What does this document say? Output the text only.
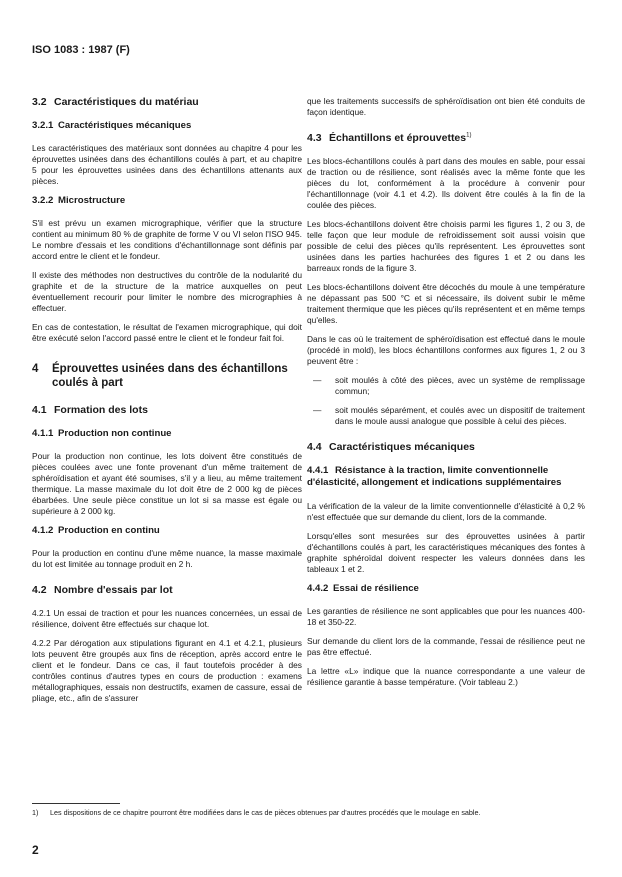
ISO 1083 : 1987 (F)
3.2 Caractéristiques du matériau
3.2.1 Caractéristiques mécaniques

Les caractéristiques des matériaux sont données au chapitre 4 pour les éprouvettes usinées dans des échantillons coulés à part, et au chapitre 5 pour les éprouvettes usinées dans des échantillons attenants aux pièces.

3.2.2 Microstructure

S'il est prévu un examen micrographique, vérifier que la structure contient au minimum 80 % de graphite de forme V ou VI selon l'ISO 945. Le nombre d'essais et les conditions d'échantillonnage sont définis par accord entre le client et le fondeur.

Il existe des méthodes non destructives du contrôle de la nodularité du graphite et de la structure de la matrice auxquelles on peut éventuellement recourir pour limiter le nombre des micrographies à effectuer.

En cas de contestation, le résultat de l'examen micrographique, qui doit être exécuté selon l'accord passé entre le client et le fondeur fait foi.

4	Éprouvettes usinées dans des échantillons coulés à part
4.1 Formation des lots
4.1.1 Production non continue

Pour la production non continue, les lots doivent être constitués de pièces coulées avec une fonte provenant d'un même traitement de sphéroïdisation et ayant été soumises, s'il y a lieu, au même traitement thermique. La masse maximale du lot doit être de 2 000 kg de pièces ébarbées. Une seule pièce constitue un lot si sa masse est égale ou supérieure à 2 000 kg.

4.1.2 Production en continu

Pour la production en continu d'une même nuance, la masse maximale du lot est limitée au tonnage produit en 2 h.

4.2 Nombre d'essais par lot

4.2.1 Un essai de traction et pour les nuances concernées, un essai de résilience, doivent être effectués sur chaque lot.

4.2.2 Par dérogation aux stipulations figurant en 4.1 et 4.2.1, plusieurs lots peuvent être groupés aux fins de réception, après accord entre le client et le fondeur. Dans ce cas, il faut toutefois procéder à des contrôles continus d'autres types en cours de production : examens métallographiques, essais non destructifs, examen de cassure, essai de pliage, etc., afin de s'assurer

que les traitements successifs de sphéroïdisation ont bien été conduits de façon identique.

4.3 Échantillons et éprouvettes$^{1)}$

Les blocs-échantillons coulés à part dans des moules en sable, pour essai de traction ou de résilience, sont réalisés avec la même fonte que les pièces du lot, conformément à la procédure à convenir pour l'échantillonnage (voir 4.1 et 4.2). Ils doivent être coulés à la fin de la coulée des pièces.

Les blocs-échantillons doivent être choisis parmi les figures 1, 2 ou 3, de telle façon que leur module de refroidissement soit aussi voisin que possible de celui des pièces qu'ils représentent. Les éprouvettes sont usinées dans les parties hachurées des figures 1 et 2 ou dans les barreaux ronds de la figure 3.

Les blocs-échantillons doivent être décochés du moule à une température ne dépassant pas 500 °C et si nécessaire, ils doivent subir le même traitement thermique que les pièces qu'ils représentent et en même temps qu'elles.

Dans le cas où le traitement de sphéroïdisation est effectué dans le moule (procédé in mold), les blocs échantillons conformes aux figures 1, 2 ou 3 peuvent être :

—	soit moulés à côté des pièces, avec un système de remplissage commun;
—	soit moulés séparément, et coulés avec un dispositif de traitement dans le moule aussi analogue que possible à celui des pièces.
4.4 Caractéristiques mécaniques
4.4.1 Résistance à la traction, limite conventionnelle d'élasticité, allongement et indications supplémentaires

La vérification de la valeur de la limite conventionnelle d'élasticité à 0,2 % n'est effectuée que sur demande du client, lors de la commande.

Lorsqu'elles sont mesurées sur des éprouvettes usinées à partir d'échantillons coulés à part, les caractéristiques mécaniques des fontes à graphite sphéroïdal doivent respecter les valeurs données dans les tableaux 1 et 2.

4.4.2 Essai de résilience

Les garanties de résilience ne sont applicables que pour les nuances 400-18 et 350-22.

Sur demande du client lors de la commande, l'essai de résilience peut ne pas être effectué.

La lettre «L» indique que la nuance correspondante a une valeur de résilience garantie à basse température. (Voir tableau 2.)

1)	Les dispositions de ce chapitre pourront être modifiées dans le cas de pièces obtenues par d'autres procédés que le moulage en sable.
2
